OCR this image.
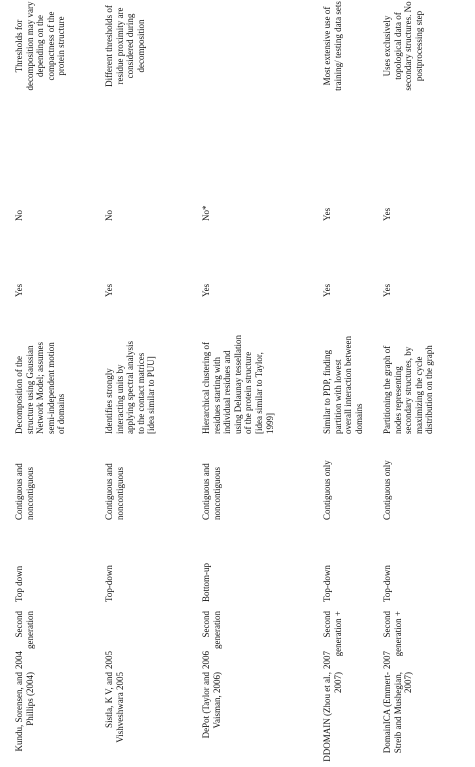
Kundu, Sorensen, and Phillips (2004)
2004
Second generation
Top down
Contiguous and noncontiguous
Decomposition of the structure using Gaussian Network Model; assumes semi-independent motion of domains
Yes
No
Thresholds for decomposition may vary depending on the compactness of the protein structure
Sistla, K V, and Vishveshwara 2005
2005
Top-down
Contiguous and noncontiguous
Identifies strongly interacting units by applying spectral analysis to the contact matrices [idea similar to PUU]
Yes
No
Different thresholds of residue proximity are considered during decomposition
DePot (Taylor and Vaisman, 2006)
2006
Second generation
Bottom-up
Contiguous and noncontiguous
Hierarchical clustering of residues starting with individual residues and using Delaunay tessellation of the protein structure [idea similar to Taylor, 1999]
Yes
No*
DDOMAIN (Zhou et al., 2007)
2007
Second generation +
Top-down
Contiguous only
Similar to PDP, finding partition with lowest overall interaction between domains
Yes
Yes
Most extensive use of training/ testing data sets
DomainICA (Emmert-Streib and Mushegian, 2007)
2007
Second generation +
Top-down
Contiguous only
Partitioning the graph of nodes representing secondary structures, by maximizing the cycle distribution on the graph
Yes
Yes
Uses exclusively topological data of secondary structures. No postprocessing step
